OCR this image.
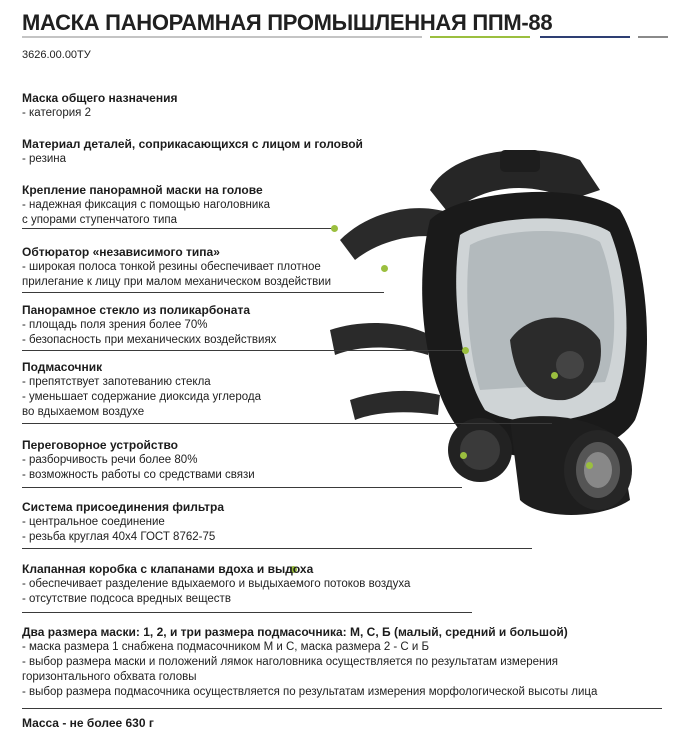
МАСКА ПАНОРАМНАЯ ПРОМЫШЛЕННАЯ ППМ-88
3626.00.00ТУ
Маска общего назначения
- категория 2
Материал деталей, соприкасающихся с лицом и головой
- резина
Крепление панорамной маски на голове
- надежная фиксация с помощью наголовника
с упорами ступенчатого типа
Обтюратор «независимого типа»
- широкая полоса тонкой резины обеспечивает плотное
прилегание к лицу при малом механическом воздействии
Панорамное стекло из поликарбоната
- площадь поля зрения более 70%
- безопасность при механических воздействиях
Подмасочник
- препятствует запотеванию стекла
- уменьшает содержание диоксида углерода
во вдыхаемом воздухе
Переговорное устройство
- разборчивость речи более 80%
- возможность работы со средствами связи
Система присоединения фильтра
- центральное соединение
- резьба круглая 40х4 ГОСТ 8762-75
Клапанная коробка с клапанами вдоха и выдоха
- обеспечивает разделение вдыхаемого и выдыхаемого потоков воздуха
- отсутствие подсоса вредных веществ
Два размера маски: 1, 2, и три размера подмасочника: М, С, Б (малый, средний и большой)
- маска размера 1 снабжена подмасочником М и С, маска размера 2 - С и Б
- выбор размера маски и положений лямок наголовника осуществляется по результатам измерения
горизонтального обхвата головы
- выбор размера подмасочника осуществляется по результатам измерения морфологической высоты лица
Масса - не более 630 г
